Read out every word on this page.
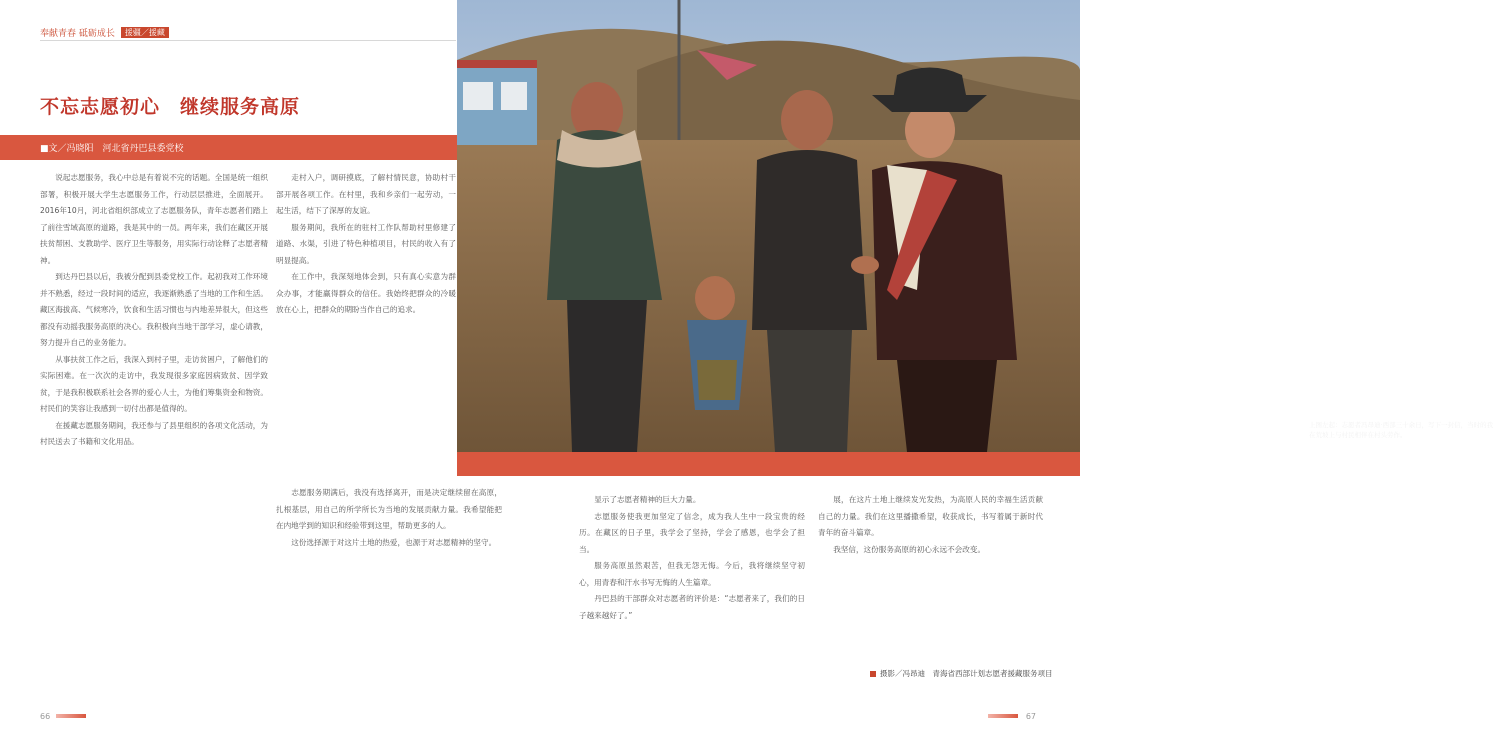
奉献青春 砥砺成长	援疆／援藏
不忘志愿初心　继续服务高原
■文／冯晓阳　河北省丹巴县委党校
上图左起：志愿者冯昂迪·西部三十余日，写下一封信，当时的我在荒坡上与村民相伴在村头劳作。

说起志愿服务，我心中总是有着说不完的话题。全国是统一组织部署，积极开展大学生志愿服务工作，行动层层推进，全面展开。2016年10月，河北省组织部成立了志愿服务队，青年志愿者们踏上了前往雪域高原的道路，我是其中的一员。两年来，我们在藏区开展扶贫帮困、支教助学、医疗卫生等服务，用实际行动诠释了志愿者精神。

到达丹巴县以后，我被分配到县委党校工作。起初我对工作环境并不熟悉，经过一段时间的适应，我逐渐熟悉了当地的工作和生活。藏区海拔高、气候寒冷，饮食和生活习惯也与内地差异很大，但这些都没有动摇我服务高原的决心。我积极向当地干部学习，虚心请教，努力提升自己的业务能力。

从事扶贫工作之后，我深入到村子里，走访贫困户，了解他们的实际困难。在一次次的走访中，我发现很多家庭因病致贫、因学致贫，于是我积极联系社会各界的爱心人士，为他们筹集资金和物资。村民们的笑容让我感到一切付出都是值得的。

在援藏志愿服务期间，我还参与了县里组织的各项文化活动，为村民送去了书籍和文化用品。

走村入户，调研摸底，了解村情民意，协助村干部开展各项工作。在村里，我和乡亲们一起劳动，一起生活，结下了深厚的友谊。

服务期间，我所在的驻村工作队帮助村里修建了道路、水渠，引进了特色种植项目，村民的收入有了明显提高。

在工作中，我深刻地体会到，只有真心实意为群众办事，才能赢得群众的信任。我始终把群众的冷暖放在心上，把群众的期盼当作自己的追求。

志愿服务期满后，我没有选择离开，而是决定继续留在高原，扎根基层，用自己的所学所长为当地的发展贡献力量。我希望能把在内地学到的知识和经验带到这里，帮助更多的人。

这份选择源于对这片土地的热爱，也源于对志愿精神的坚守。

显示了志愿者精神的巨大力量。

志愿服务使我更加坚定了信念，成为我人生中一段宝贵的经历。在藏区的日子里，我学会了坚持，学会了感恩，也学会了担当。

服务高原虽然艰苦，但我无怨无悔。今后，我将继续坚守初心，用青春和汗水书写无悔的人生篇章。

丹巴县的干部群众对志愿者的评价是：“志愿者来了，我们的日子越来越好了。”

展，在这片土地上继续发光发热，为高原人民的幸福生活贡献自己的力量。我们在这里播撒希望，收获成长，书写着属于新时代青年的奋斗篇章。

我坚信，这份服务高原的初心永远不会改变。

摄影／冯昂迪　青海省西部计划志愿者援藏服务项目
66	67
